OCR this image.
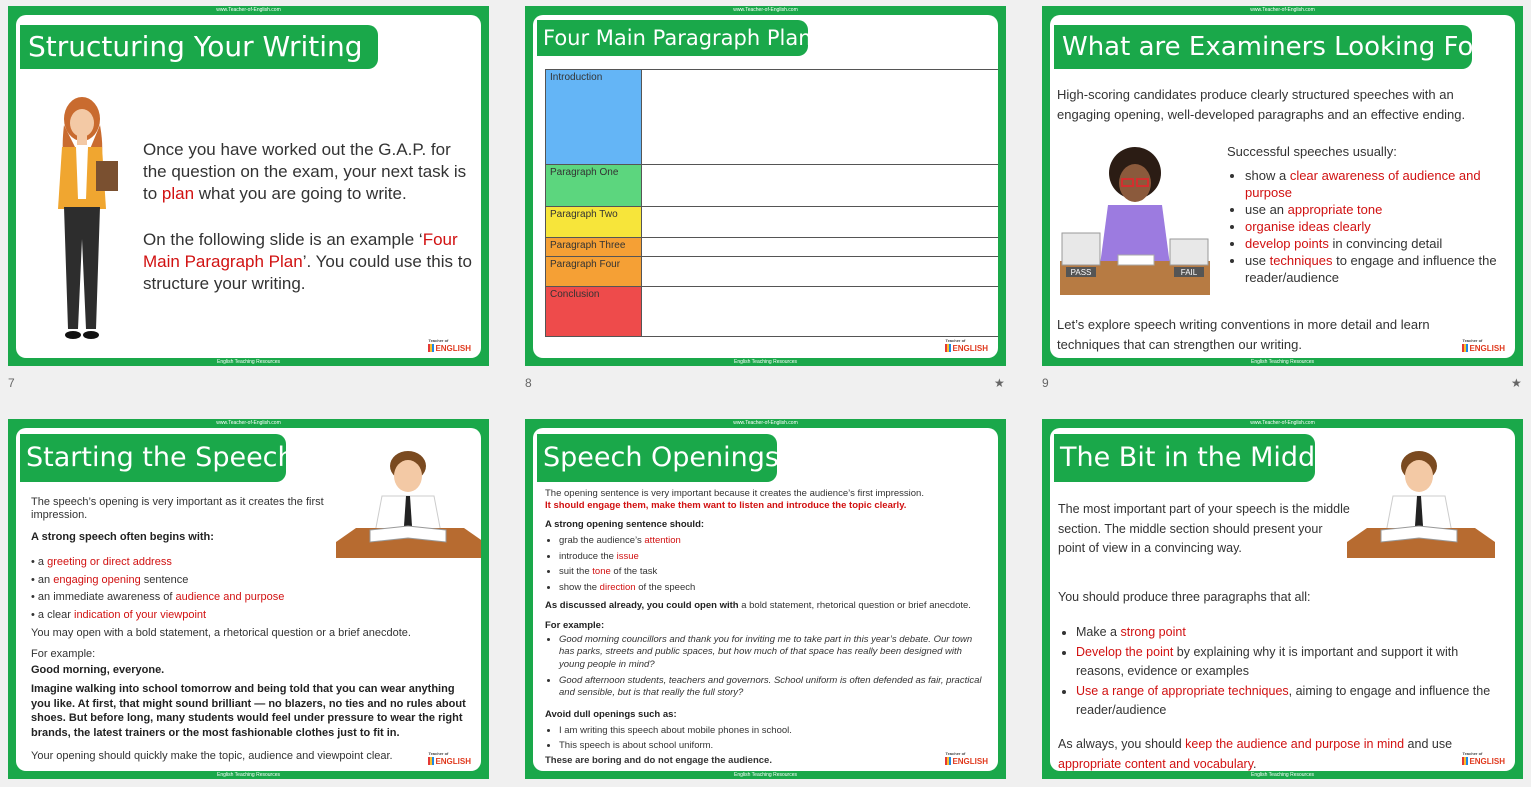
www.Teacher-of-English.com
Structuring Your Writing
Once you have worked out the G.A.P. for the question on the exam, your next task is to plan what you are going to write.
On the following slide is an example ‘Four Main Paragraph Plan’. You could use this to structure your writing.
Teacher of
ENGLISH
English Teaching Resources
7
www.Teacher-of-English.com
Four Main Paragraph Plan
Introduction	
Paragraph One	
Paragraph Two	
Paragraph Three	
Paragraph Four	
Conclusion	
Teacher of
ENGLISH
English Teaching Resources
8	★
www.Teacher-of-English.com
What are Examiners Looking For?
High-scoring candidates produce clearly structured speeches with an engaging opening, well-developed paragraphs and an effective ending.
PASS	FAIL
Successful speeches usually:
• show a clear awareness of audience and purpose
• use an appropriate tone
• organise ideas clearly
• develop points in convincing detail
• use techniques to engage and influence the reader/audience
Let’s explore speech writing conventions in more detail and learn techniques that can strengthen our writing.	Teacher of
ENGLISH
English Teaching Resources
9	★
www.Teacher-of-English.com
Starting the Speech
The speech’s opening is very important as it creates the first impression.
A strong speech often begins with:
• a greeting or direct address
• an engaging opening sentence
• an immediate awareness of audience and purpose
• a clear indication of your viewpoint
You may open with a bold statement, a rhetorical question or a brief anecdote.
For example:
Good morning, everyone.
Imagine walking into school tomorrow and being told that you can wear anything you like. At first, that might sound brilliant — no blazers, no ties and no rules about shoes. But before long, many students would feel under pressure to wear the right brands, the latest trainers or the most fashionable clothes just to fit in.
Your opening should quickly make the topic, audience and viewpoint clear.	Teacher of
ENGLISH
English Teaching Resources
www.Teacher-of-English.com
Speech Openings
The opening sentence is very important because it creates the audience’s first impression.
It should engage them, make them want to listen and introduce the topic clearly.
A strong opening sentence should:
• grab the audience’s attention
• introduce the issue
• suit the tone of the task
• show the direction of the speech
As discussed already, you could open with a bold statement, rhetorical question or brief anecdote.
For example:
• Good morning councillors and thank you for inviting me to take part in this year’s debate. Our town has parks, streets and public spaces, but how much of that space has really been designed with young people in mind?
• Good afternoon students, teachers and governors. School uniform is often defended as fair, practical and sensible, but is that really the full story?
Avoid dull openings such as:
• I am writing this speech about mobile phones in school.
• This speech is about school uniform.
These are boring and do not engage the audience.
Teacher of
ENGLISH
English Teaching Resources
www.Teacher-of-English.com
The Bit in the Middle
The most important part of your speech is the middle section. The middle section should present your point of view in a convincing way.
You should produce three paragraphs that all:
• Make a strong point
• Develop the point by explaining why it is important and support it with reasons, evidence or examples
• Use a range of appropriate techniques, aiming to engage and influence the reader/audience
As always, you should keep the audience and purpose in mind and use appropriate content and vocabulary.
Teacher of
ENGLISH
English Teaching Resources
